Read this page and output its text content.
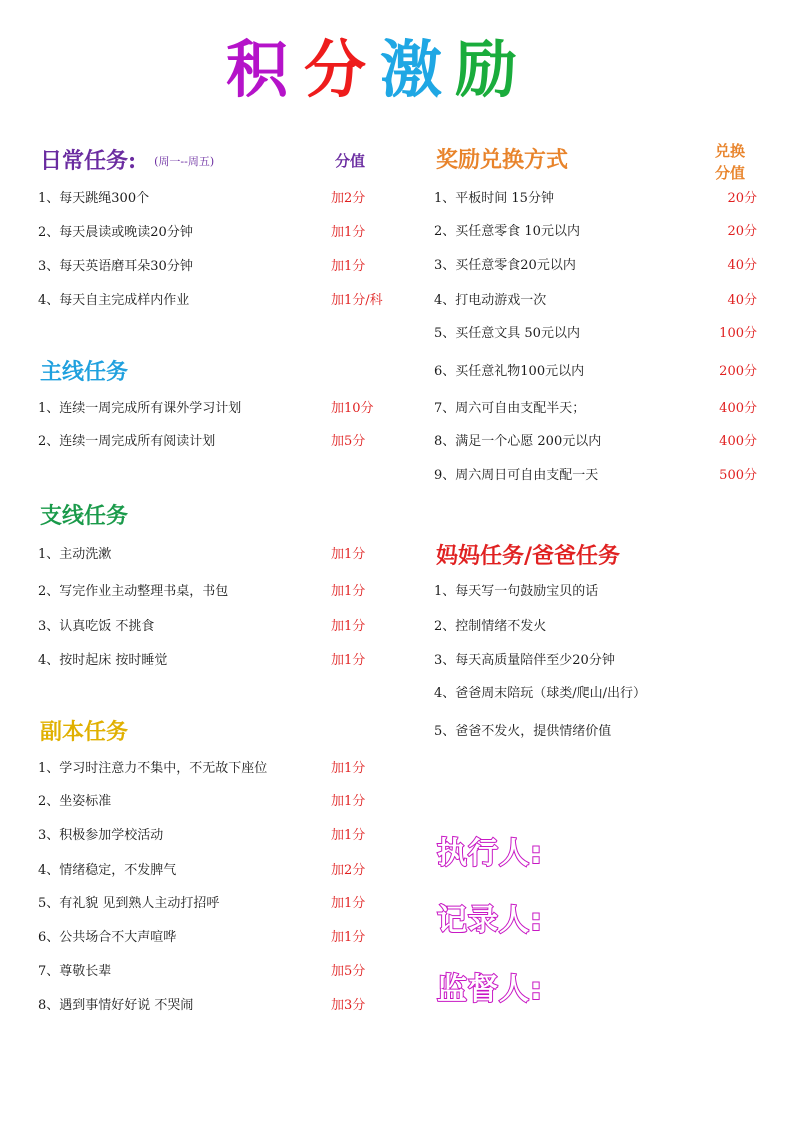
积 分 激 励
日常任务: $^{(周一--周五)}$	分值
1、每天跳绳300个	加2分
2、每天晨读或晚读20分钟	加1分
3、每天英语磨耳朵30分钟	加1分
4、每天自主完成样内作业	加1分/科
主线任务
1、连续一周完成所有课外学习计划	加10分
2、连续一周完成所有阅读计划	加5分
支线任务
1、主动洗漱	加1分
2、写完作业主动整理书桌，书包	加1分
3、认真吃饭 不挑食	加1分
4、按时起床 按时睡觉	加1分
副本任务
1、学习时注意力不集中，不无故下座位	加1分
2、坐姿标准	加1分
3、积极参加学校活动	加1分
4、情绪稳定，不发脾气	加2分
5、有礼貌 见到熟人主动打招呼	加1分
6、公共场合不大声喧哗	加1分
7、尊敬长辈	加5分
8、遇到事情好好说 不哭闹	加3分
奖励兑换方式	兑换
分值
1、平板时间 15分钟	20分
2、买任意零食 10元以内	20分
3、买任意零食20元以内	40分
4、打电动游戏一次	40分
5、买任意文具 50元以内	100分
6、买任意礼物100元以内	200分
7、周六可自由支配半天；	400分
8、满足一个心愿 200元以内	400分
9、周六周日可自由支配一天	500分
妈妈任务/爸爸任务
1、每天写一句鼓励宝贝的话
2、控制情绪不发火
3、每天高质量陪伴至少20分钟
4、爸爸周末陪玩（球类/爬山/出行）
5、爸爸不发火，提供情绪价值
执行人:
记录人:
监督人:
